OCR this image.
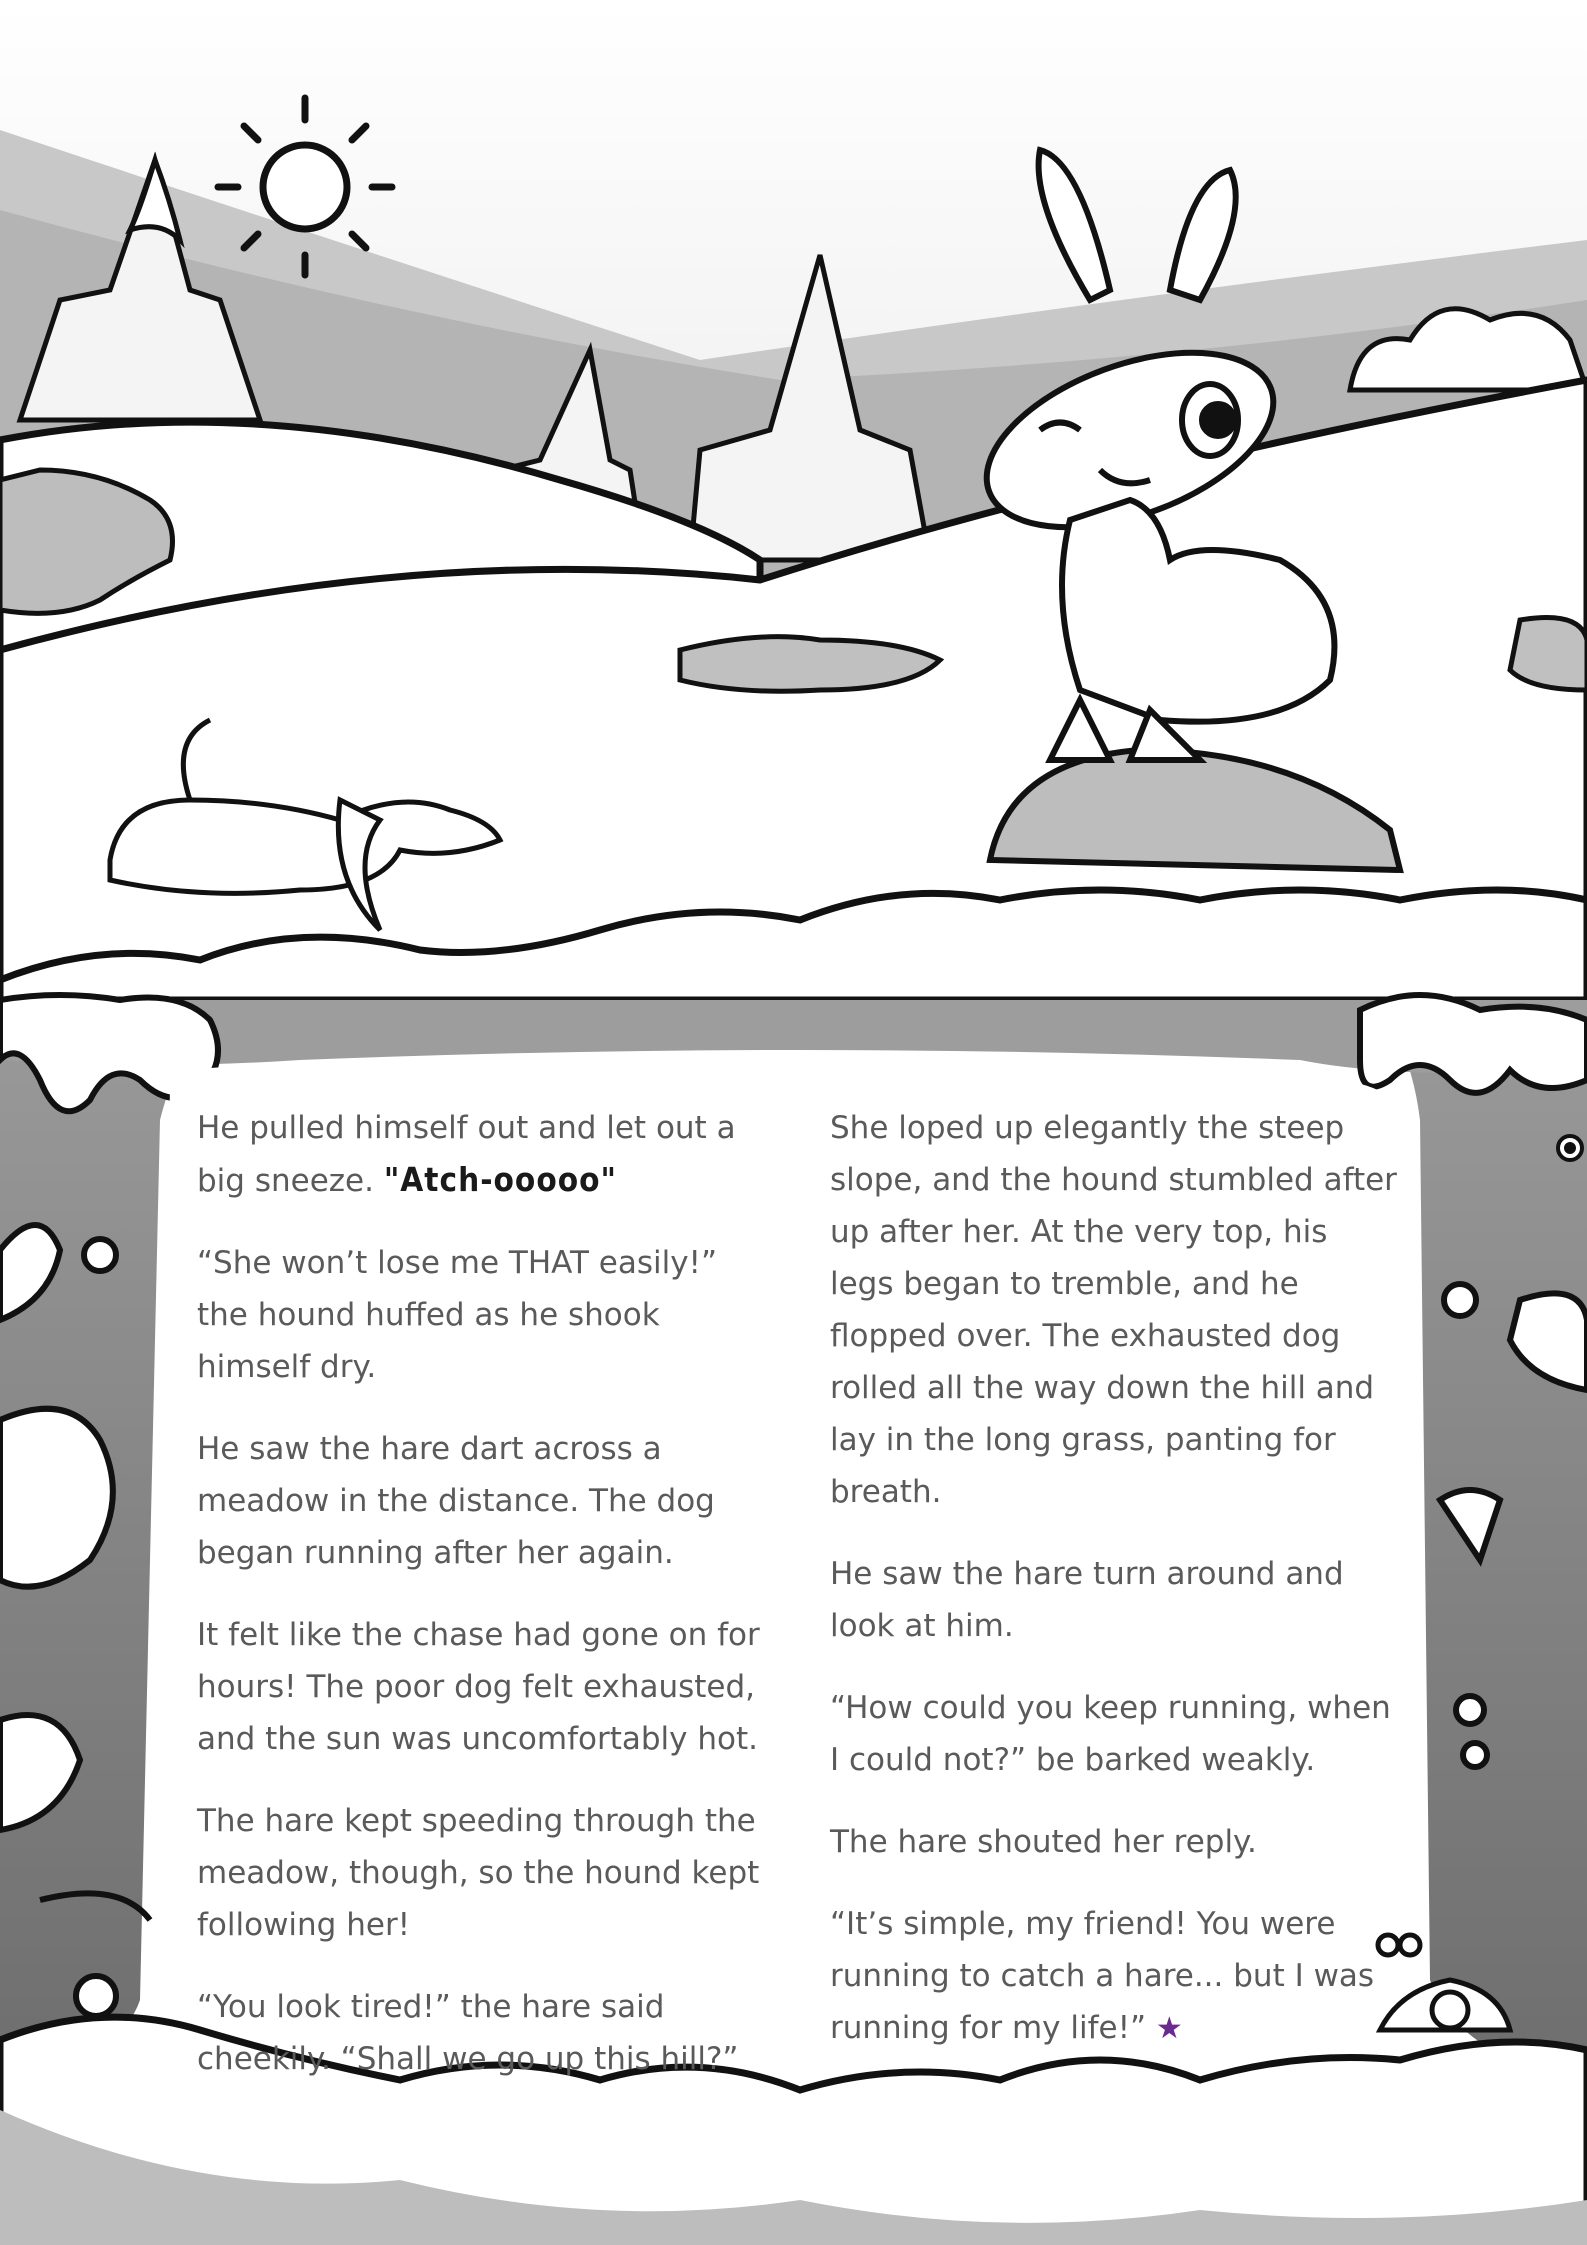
He pulled himself out and let out a big sneeze. "Atch-ooooo"

“She won’t lose me THAT easily!” the hound huffed as he shook himself dry.

He saw the hare dart across a meadow in the distance. The dog began running after her again.

It felt like the chase had gone on for hours! The poor dog felt exhausted, and the sun was uncomfortably hot.

The hare kept speeding through the meadow, though, so the hound kept following her!

“You look tired!” the hare said cheekily. “Shall we go up this hill?”

She loped up elegantly the steep slope, and the hound stumbled after up after her. At the very top, his legs began to tremble, and he flopped over. The exhausted dog rolled all the way down the hill and lay in the long grass, panting for breath.

He saw the hare turn around and look at him.

“How could you keep running, when I could not?” be barked weakly.

The hare shouted her reply.

“It’s simple, my friend! You were running to catch a hare... but I was running for my life!” ★
